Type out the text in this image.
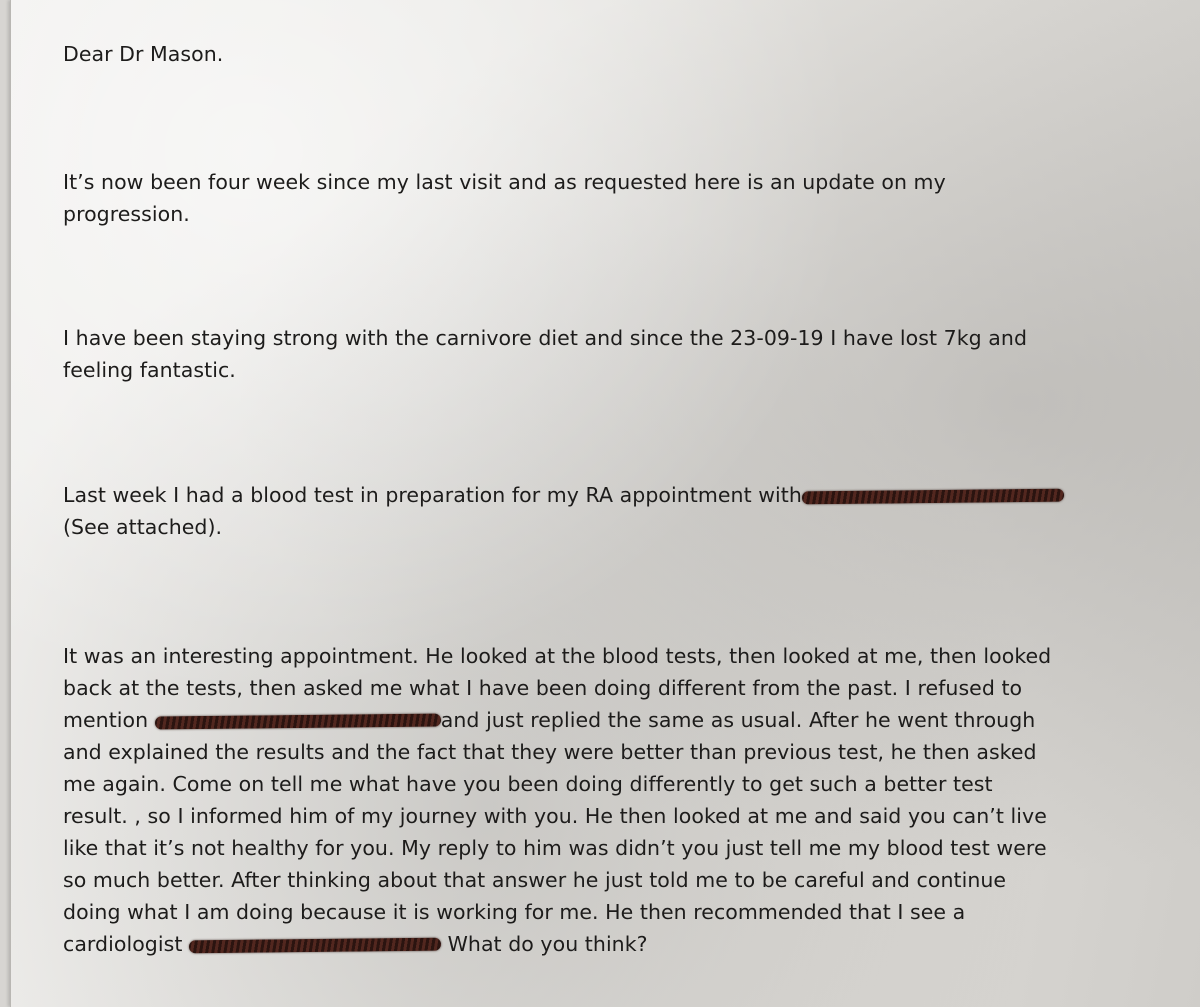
Dear Dr Mason.

It’s now been four week since my last visit and as requested here is an update on my

progression.

I have been staying strong with the carnivore diet and since the 23-09-19 I have lost 7kg and

feeling fantastic.

Last week I had a blood test in preparation for my RA appointment with

(See attached).

It was an interesting appointment. He looked at the blood tests, then looked at me, then looked

back at the tests, then asked me what I have been doing different from the past. I refused to

mention	and just replied the same as usual. After he went through

and explained the results and the fact that they were better than previous test, he then asked

me again. Come on tell me what have you been doing differently to get such a better test

result. , so I informed him of my journey with you. He then looked at me and said you can’t live

like that it’s not healthy for you. My reply to him was didn’t you just tell me my blood test were

so much better. After thinking about that answer he just told me to be careful and continue

doing what I am doing because it is working for me. He then recommended that I see a

cardiologist	What do you think?
